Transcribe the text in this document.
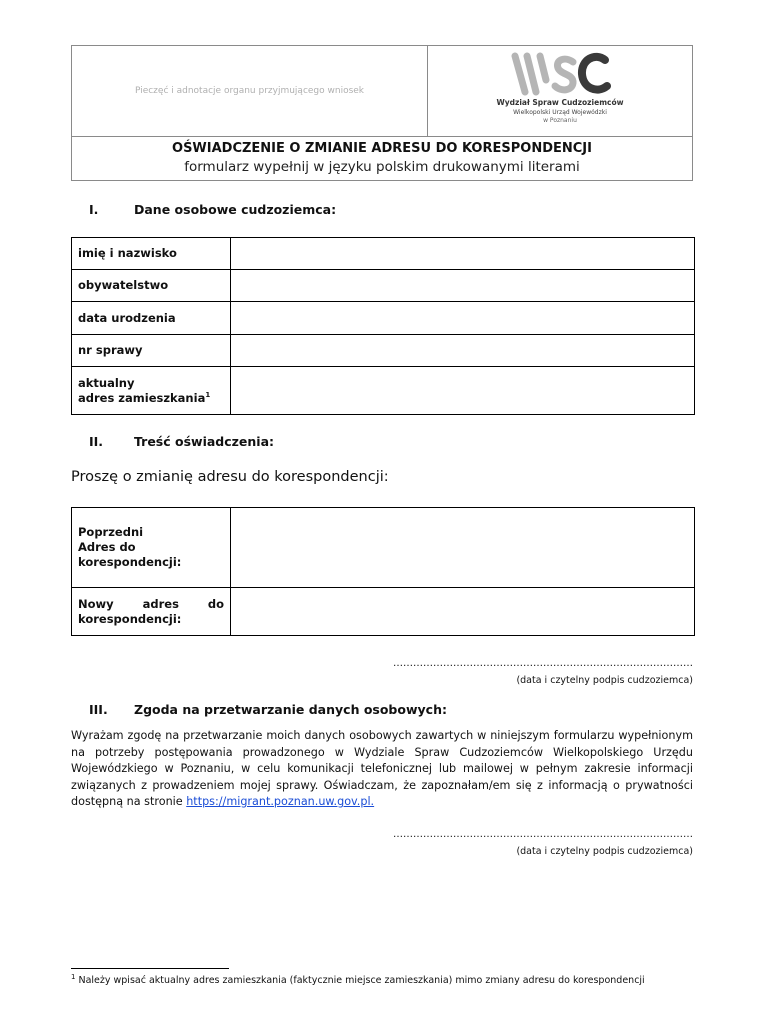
Pieczęć i adnotacje organu przyjmującego wniosek
Wydział Spraw Cudzoziemców
Wielkopolski Urząd Wojewódzki
w Poznaniu
OŚWIADCZENIE O ZMIANIE ADRESU DO KORESPONDENCJI
formularz wypełnij w języku polskim drukowanymi literami
I.	Dane osobowe cudzoziemca:
imię i nazwisko	
obywatelstwo	
data urodzenia	
nr sprawy	
aktualny
adres zamieszkania$^1$	
II. Treść oświadczenia:
Proszę o zmianię adresu do korespondencji:
Poprzedni
Adres do korespondencji:	

Nowy adres do
korespondencji:	
………………………………………………………………………………
(data i czytelny podpis cudzoziemca)
III. Zgoda na przetwarzanie danych osobowych:
Wyrażam zgodę na przetwarzanie moich danych osobowych zawartych w niniejszym formularzu wypełnionym na potrzeby postępowania prowadzonego w Wydziale Spraw Cudzoziemców Wielkopolskiego Urzędu Wojewódzkiego w Poznaniu, w celu komunikacji telefonicznej lub mailowej w pełnym zakresie informacji związanych z prowadzeniem mojej sprawy. Oświadczam, że zapoznałam/em się z informacją o prywatności dostępną na stronie https://migrant.poznan.uw.gov.pl.
………………………………………………………………………………
(data i czytelny podpis cudzoziemca)
$^1$ Należy wpisać aktualny adres zamieszkania (faktycznie miejsce zamieszkania) mimo zmiany adresu do korespondencji
